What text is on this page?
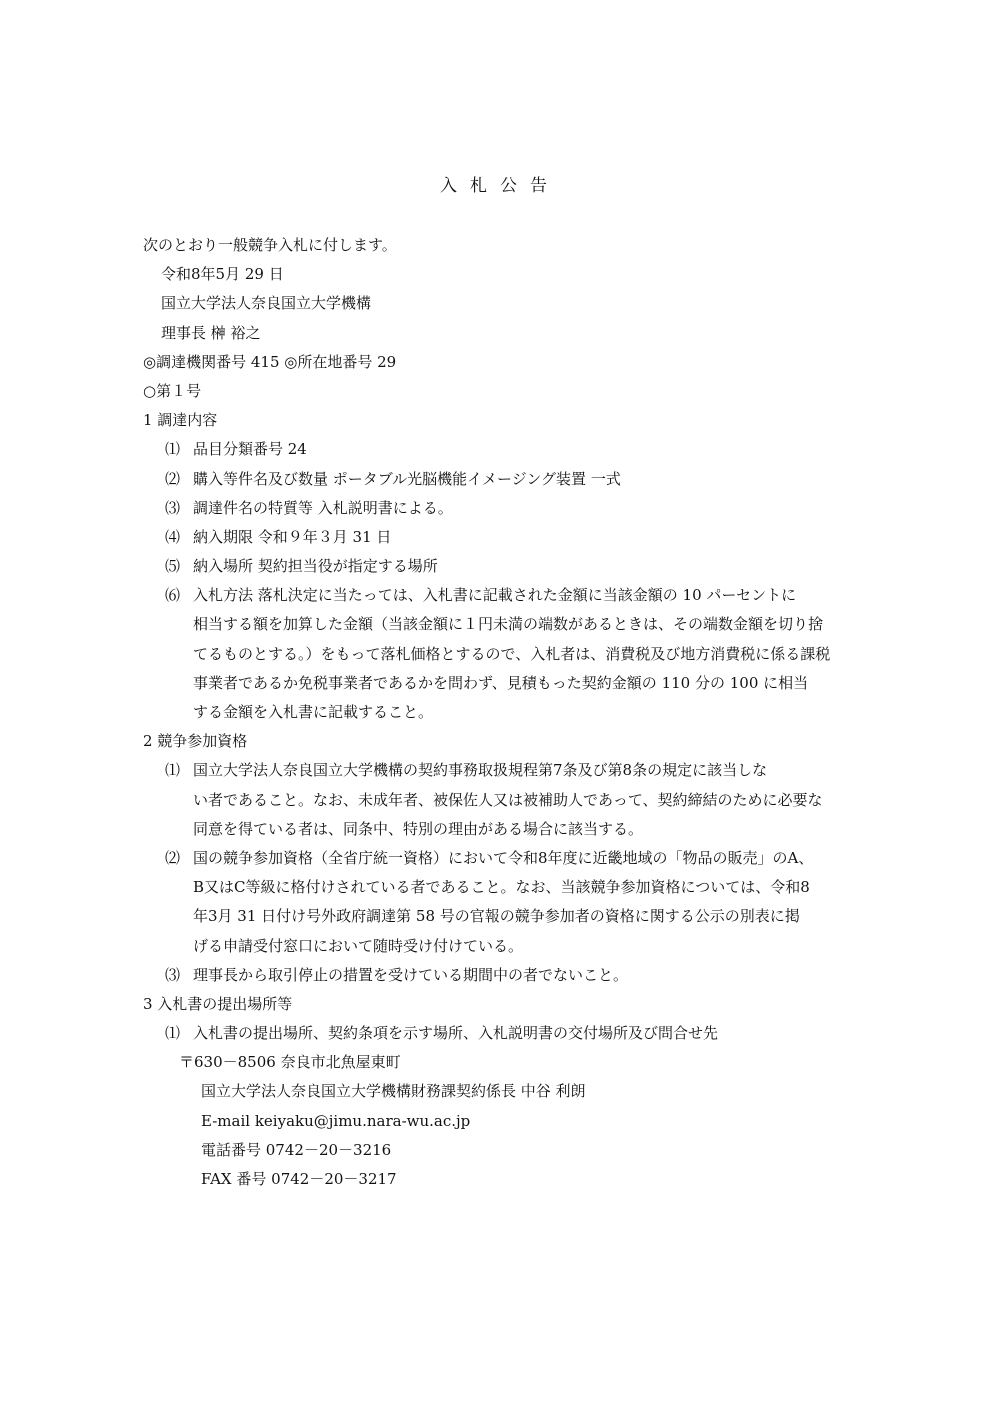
入札公告
次のとおり一般競争入札に付します。
令和8年5月 29 日
国立大学法人奈良国立大学機構
理事長 榊 裕之
◎調達機関番号 415 ◎所在地番号 29
○第１号
1 調達内容
⑴ 品目分類番号 24
⑵ 購入等件名及び数量 ポータブル光脳機能イメージング装置 一式
⑶ 調達件名の特質等 入札説明書による。
⑷ 納入期限 令和９年３月 31 日
⑸ 納入場所 契約担当役が指定する場所
⑹ 入札方法 落札決定に当たっては、入札書に記載された金額に当該金額の 10 パーセントに
相当する額を加算した金額（当該金額に１円未満の端数があるときは、その端数金額を切り捨
てるものとする。）をもって落札価格とするので、入札者は、消費税及び地方消費税に係る課税
事業者であるか免税事業者であるかを問わず、見積もった契約金額の 110 分の 100 に相当
する金額を入札書に記載すること。
2 競争参加資格
⑴ 国立大学法人奈良国立大学機構の契約事務取扱規程第7条及び第8条の規定に該当しな
い者であること。なお、未成年者、被保佐人又は被補助人であって、契約締結のために必要な
同意を得ている者は、同条中、特別の理由がある場合に該当する。
⑵ 国の競争参加資格（全省庁統一資格）において令和8年度に近畿地域の「物品の販売」のA、
B又はC等級に格付けされている者であること。なお、当該競争参加資格については、令和8
年3月 31 日付け号外政府調達第 58 号の官報の競争参加者の資格に関する公示の別表に掲
げる申請受付窓口において随時受け付けている。
⑶ 理事長から取引停止の措置を受けている期間中の者でないこと。
3 入札書の提出場所等
⑴ 入札書の提出場所、契約条項を示す場所、入札説明書の交付場所及び問合せ先
〒630－8506 奈良市北魚屋東町
国立大学法人奈良国立大学機構財務課契約係長 中谷 利朗
E-mail keiyaku@jimu.nara-wu.ac.jp
電話番号 0742－20－3216
FAX 番号 0742－20－3217
